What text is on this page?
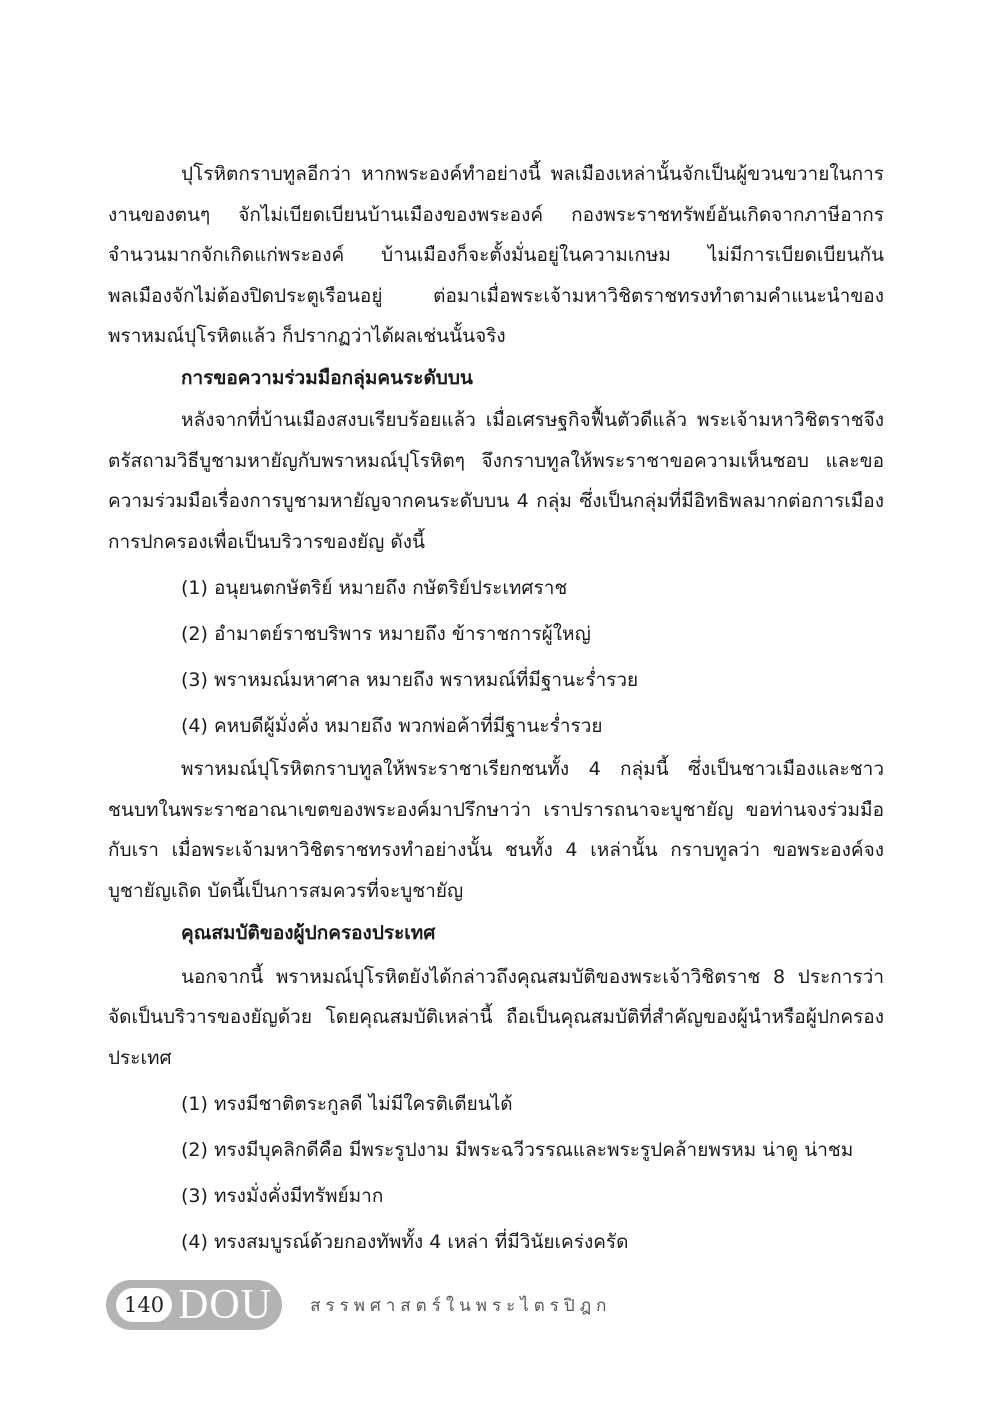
ปุโรหิตกราบทูลอีกว่า หากพระองค์ทำอย่างนี้ พลเมืองเหล่านั้นจักเป็นผู้ขวนขวายในการงานของตนๆ จักไม่เบียดเบียนบ้านเมืองของพระองค์ กองพระราชทรัพย์อันเกิดจากภาษีอากรจำนวนมากจักเกิดแก่พระองค์ บ้านเมืองก็จะตั้งมั่นอยู่ในความเกษม ไม่มีการเบียดเบียนกัน พลเมืองจักไม่ต้องปิดประตูเรือนอยู่ ต่อมาเมื่อพระเจ้ามหาวิชิตราชทรงทำตามคำแนะนำของพราหมณ์ปุโรหิตแล้ว ก็ปรากฏว่าได้ผลเช่นนั้นจริง

การขอความร่วมมือกลุ่มคนระดับบน

หลังจากที่บ้านเมืองสงบเรียบร้อยแล้ว เมื่อเศรษฐกิจฟื้นตัวดีแล้ว พระเจ้ามหาวิชิตราชจึงตรัสถามวิธีบูชามหายัญกับพราหมณ์ปุโรหิตๆ จึงกราบทูลให้พระราชาขอความเห็นชอบ และขอความร่วมมือเรื่องการบูชามหายัญจากคนระดับบน 4 กลุ่ม ซึ่งเป็นกลุ่มที่มีอิทธิพลมากต่อการเมืองการปกครองเพื่อเป็นบริวารของยัญ ดังนี้

(1) อนุยนตกษัตริย์ หมายถึง กษัตริย์ประเทศราช

(2) อำมาตย์ราชบริพาร หมายถึง ข้าราชการผู้ใหญ่

(3) พราหมณ์มหาศาล หมายถึง พราหมณ์ที่มีฐานะร่ำรวย

(4) คหบดีผู้มั่งคั่ง หมายถึง พวกพ่อค้าที่มีฐานะร่ำรวย

พราหมณ์ปุโรหิตกราบทูลให้พระราชาเรียกชนทั้ง 4 กลุ่มนี้ ซึ่งเป็นชาวเมืองและชาวชนบทในพระราชอาณาเขตของพระองค์มาปรึกษาว่า เราปรารถนาจะบูชายัญ ขอท่านจงร่วมมือกับเรา เมื่อพระเจ้ามหาวิชิตราชทรงทำอย่างนั้น ชนทั้ง 4 เหล่านั้น กราบทูลว่า ขอพระองค์จงบูชายัญเถิด บัดนี้เป็นการสมควรที่จะบูชายัญ

คุณสมบัติของผู้ปกครองประเทศ

นอกจากนี้ พราหมณ์ปุโรหิตยังได้กล่าวถึงคุณสมบัติของพระเจ้าวิชิตราช 8 ประการว่าจัดเป็นบริวารของยัญด้วย โดยคุณสมบัติเหล่านี้ ถือเป็นคุณสมบัติที่สำคัญของผู้นำหรือผู้ปกครองประเทศ

(1) ทรงมีชาติตระกูลดี ไม่มีใครติเตียนได้

(2) ทรงมีบุคลิกดีคือ มีพระรูปงาม มีพระฉวีวรรณและพระรูปคล้ายพรหม น่าดู น่าชม

(3) ทรงมั่งคั่งมีทรัพย์มาก

(4) ทรงสมบูรณ์ด้วยกองทัพทั้ง 4 เหล่า ที่มีวินัยเคร่งครัด

140 DOU สรรพศาสตร์ในพระไตรปิฎก
